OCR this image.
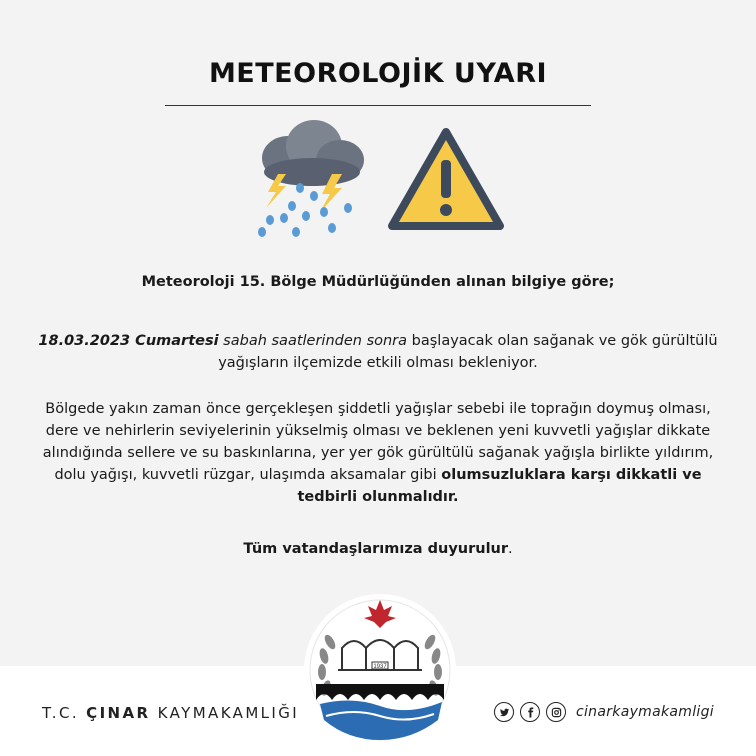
METEOROLOJİK UYARI
Meteoroloji 15. Bölge Müdürlüğünden alınan bilgiye göre;
18.03.2023 Cumartesi sabah saatlerinden sonra başlayacak olan sağanak ve gök gürültülü yağışların ilçemizde etkili olması bekleniyor.
Bölgede yakın zaman önce gerçekleşen şiddetli yağışlar sebebi ile toprağın doymuş olması, dere ve nehirlerin seviyelerinin yükselmiş olması ve beklenen yeni kuvvetli yağışlar dikkate alındığında sellere ve su baskınlarına, yer yer gök gürültülü sağanak yağışla birlikte yıldırım, dolu yağışı, kuvvetli rüzgar, ulaşımda aksamalar gibi olumsuzluklara karşı dikkatli ve tedbirli olunmalıdır.
Tüm vatandaşlarımıza duyurulur.
T.C. ÇINAR KAYMAKAMLIĞI
1937
cinarkaymakamligi
